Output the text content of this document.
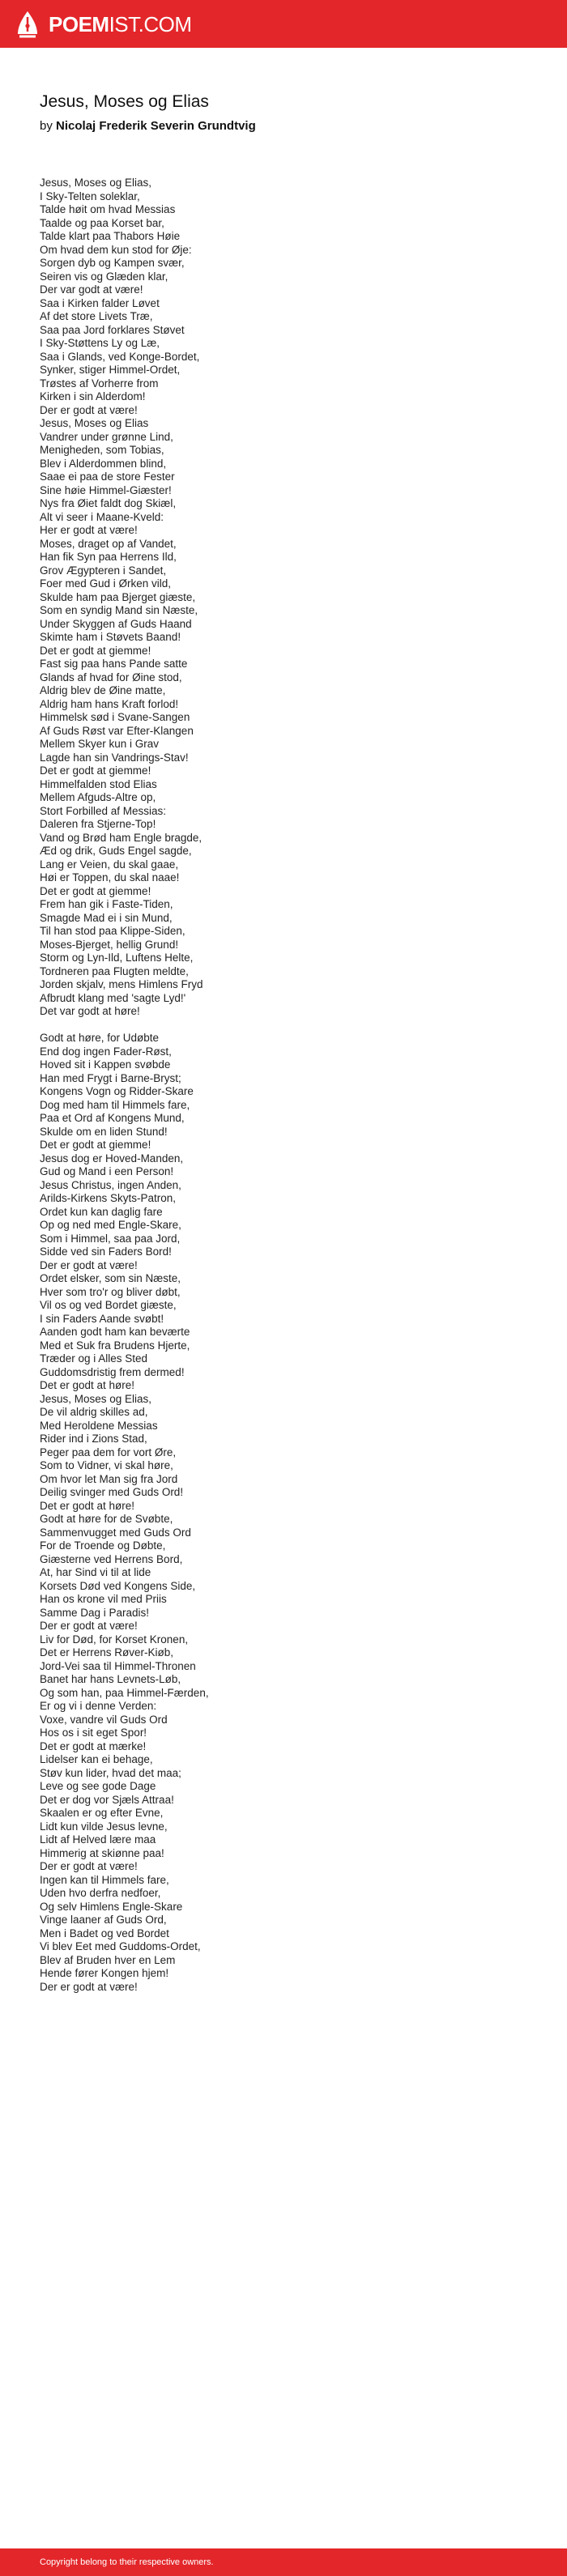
POEMIST.COM
Jesus, Moses og Elias
by Nicolaj Frederik Severin Grundtvig

Jesus, Moses og Elias,
I Sky-Telten soleklar,
Talde høit om hvad Messias
Taalde og paa Korset bar,
Talde klart paa Thabors Høie
Om hvad dem kun stod for Øje:
Sorgen dyb og Kampen svær,
Seiren vis og Glæden klar,
Der var godt at være!
Saa i Kirken falder Løvet
Af det store Livets Træ,
Saa paa Jord forklares Støvet
I Sky-Støttens Ly og Læ,
Saa i Glands, ved Konge-Bordet,
Synker, stiger Himmel-Ordet,
Trøstes af Vorherre from
Kirken i sin Alderdom!
Der er godt at være!
Jesus, Moses og Elias
Vandrer under grønne Lind,
Menigheden, som Tobias,
Blev i Alderdommen blind,
Saae ei paa de store Fester
Sine høie Himmel-Giæster!
Nys fra Øiet faldt dog Skiæl,
Alt vi seer i Maane-Kveld:
Her er godt at være!
Moses, draget op af Vandet,
Han fik Syn paa Herrens Ild,
Grov Ægypteren i Sandet,
Foer med Gud i Ørken vild,
Skulde ham paa Bjerget giæste,
Som en syndig Mand sin Næste,
Under Skyggen af Guds Haand
Skimte ham i Støvets Baand!
Det er godt at giemme!
Fast sig paa hans Pande satte
Glands af hvad for Øine stod,
Aldrig blev de Øine matte,
Aldrig ham hans Kraft forlod!
Himmelsk sød i Svane-Sangen
Af Guds Røst var Efter-Klangen
Mellem Skyer kun i Grav
Lagde han sin Vandrings-Stav!
Det er godt at giemme!
Himmelfalden stod Elias
Mellem Afguds-Altre op,
Stort Forbilled af Messias:
Daleren fra Stjerne-Top!
Vand og Brød ham Engle bragde,
Æd og drik, Guds Engel sagde,
Lang er Veien, du skal gaae,
Høi er Toppen, du skal naae!
Det er godt at giemme!
Frem han gik i Faste-Tiden,
Smagde Mad ei i sin Mund,
Til han stod paa Klippe-Siden,
Moses-Bjerget, hellig Grund!
Storm og Lyn-Ild, Luftens Helte,
Tordneren paa Flugten meldte,
Jorden skjalv, mens Himlens Fryd
Afbrudt klang med 'sagte Lyd!'
Det var godt at høre!

Godt at høre, for Udøbte
End dog ingen Fader-Røst,
Hoved sit i Kappen svøbde
Han med Frygt i Barne-Bryst;
Kongens Vogn og Ridder-Skare
Dog med ham til Himmels fare,
Paa et Ord af Kongens Mund,
Skulde om en liden Stund!
Det er godt at giemme!
Jesus dog er Hoved-Manden,
Gud og Mand i een Person!
Jesus Christus, ingen Anden,
Arilds-Kirkens Skyts-Patron,
Ordet kun kan daglig fare
Op og ned med Engle-Skare,
Som i Himmel, saa paa Jord,
Sidde ved sin Faders Bord!
Der er godt at være!
Ordet elsker, som sin Næste,
Hver som tro'r og bliver døbt,
Vil os og ved Bordet giæste,
I sin Faders Aande svøbt!
Aanden godt ham kan beværte
Med et Suk fra Brudens Hjerte,
Træder og i Alles Sted
Guddomsdristig frem dermed!
Det er godt at høre!
Jesus, Moses og Elias,
De vil aldrig skilles ad,
Med Heroldene Messias
Rider ind i Zions Stad,
Peger paa dem for vort Øre,
Som to Vidner, vi skal høre,
Om hvor let Man sig fra Jord
Deilig svinger med Guds Ord!
Det er godt at høre!
Godt at høre for de Svøbte,
Sammenvugget med Guds Ord
For de Troende og Døbte,
Giæsterne ved Herrens Bord,
At, har Sind vi til at lide
Korsets Død ved Kongens Side,
Han os krone vil med Priis
Samme Dag i Paradis!
Der er godt at være!
Liv for Død, for Korset Kronen,
Det er Herrens Røver-Kiøb,
Jord-Vei saa til Himmel-Thronen
Banet har hans Levnets-Løb,
Og som han, paa Himmel-Færden,
Er og vi i denne Verden:
Voxe, vandre vil Guds Ord
Hos os i sit eget Spor!
Det er godt at mærke!
Lidelser kan ei behage,
Støv kun lider, hvad det maa;
Leve og see gode Dage
Det er dog vor Sjæls Attraa!
Skaalen er og efter Evne,
Lidt kun vilde Jesus levne,
Lidt af Helved lære maa
Himmerig at skiønne paa!
Der er godt at være!
Ingen kan til Himmels fare,
Uden hvo derfra nedfoer,
Og selv Himlens Engle-Skare
Vinge laaner af Guds Ord,
Men i Badet og ved Bordet
Vi blev Eet med Guddoms-Ordet,
Blev af Bruden hver en Lem
Hende fører Kongen hjem!
Der er godt at være!

Copyright belong to their respective owners.
